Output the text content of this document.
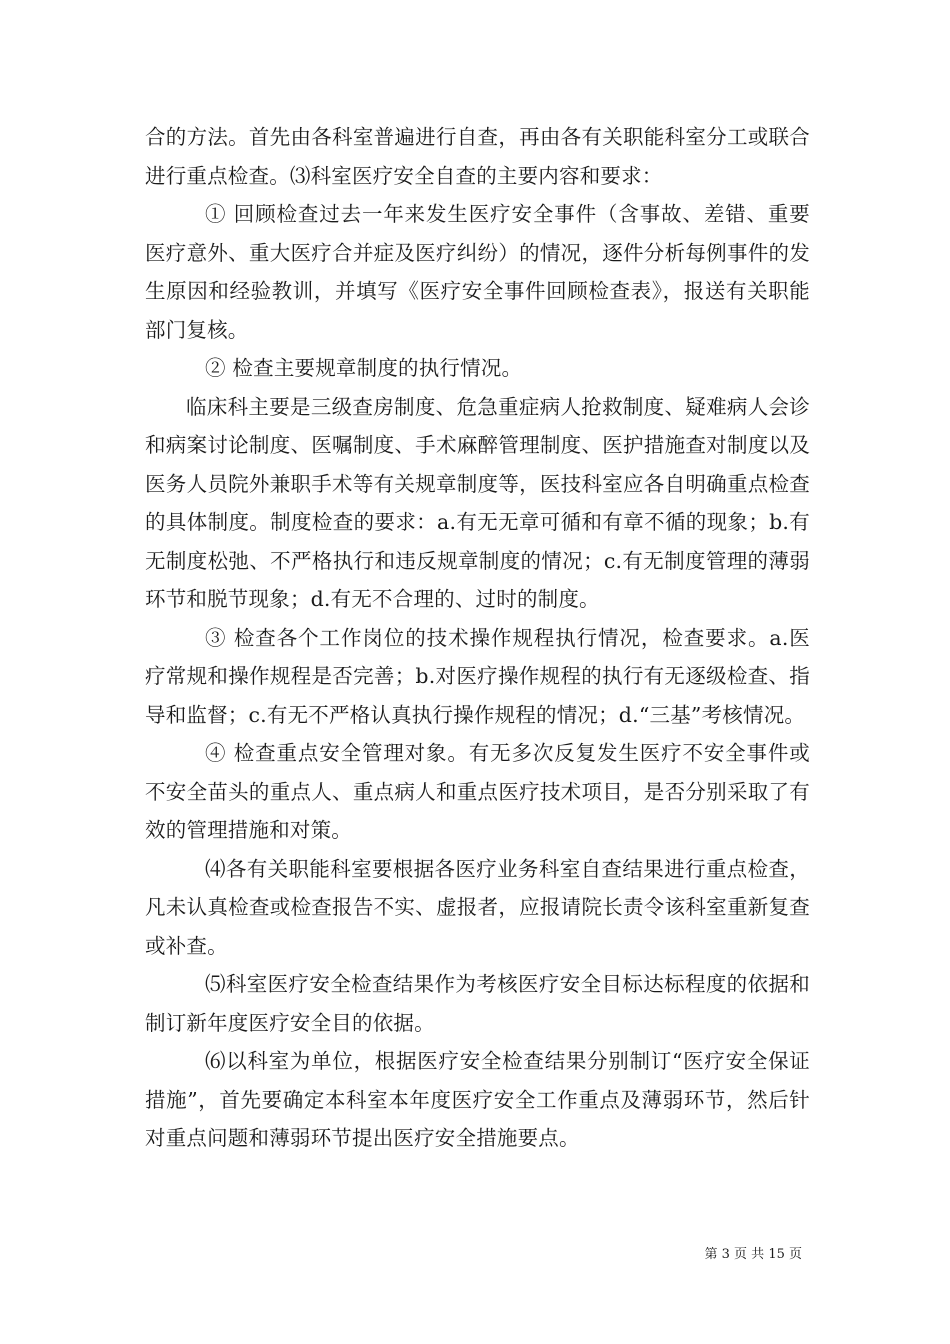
合的方法。首先由各科室普遍进行自查，再由各有关职能科室分工或联合进行重点检查。⑶科室医疗安全自查的主要内容和要求：

① 回顾检查过去一年来发生医疗安全事件（含事故、差错、重要医疗意外、重大医疗合并症及医疗纠纷）的情况，逐件分析每例事件的发生原因和经验教训，并填写《医疗安全事件回顾检查表》，报送有关职能部门复核。

② 检查主要规章制度的执行情况。

临床科主要是三级查房制度、危急重症病人抢救制度、疑难病人会诊和病案讨论制度、医嘱制度、手术麻醉管理制度、医护措施查对制度以及医务人员院外兼职手术等有关规章制度等，医技科室应各自明确重点检查的具体制度。制度检查的要求：a.有无无章可循和有章不循的现象；b.有无制度松弛、不严格执行和违反规章制度的情况；c.有无制度管理的薄弱环节和脱节现象；d.有无不合理的、过时的制度。

③ 检查各个工作岗位的技术操作规程执行情况，检查要求。a.医疗常规和操作规程是否完善；b.对医疗操作规程的执行有无逐级检查、指导和监督；c.有无不严格认真执行操作规程的情况；d.“三基”考核情况。

④ 检查重点安全管理对象。有无多次反复发生医疗不安全事件或不安全苗头的重点人、重点病人和重点医疗技术项目，是否分别采取了有效的管理措施和对策。

⑷各有关职能科室要根据各医疗业务科室自查结果进行重点检查，凡未认真检查或检查报告不实、虚报者，应报请院长责令该科室重新复查或补查。

⑸科室医疗安全检查结果作为考核医疗安全目标达标程度的依据和制订新年度医疗安全目的依据。

⑹以科室为单位，根据医疗安全检查结果分别制订“医疗安全保证措施”，首先要确定本科室本年度医疗安全工作重点及薄弱环节，然后针对重点问题和薄弱环节提出医疗安全措施要点。

第 3 页 共 15 页
